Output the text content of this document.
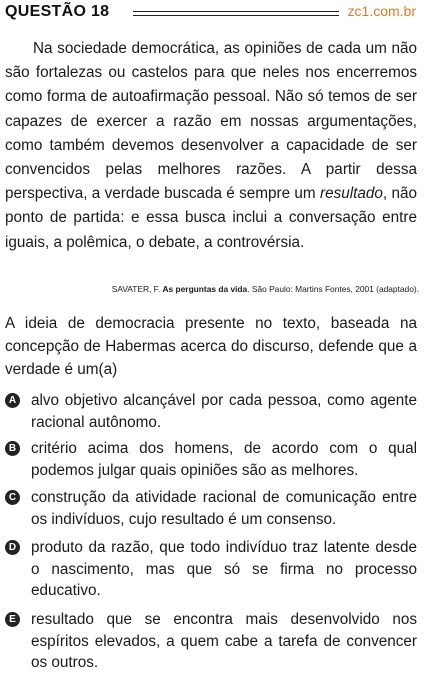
QUESTÃO 18	zc1.com.br

Na sociedade democrática, as opiniões de cada um não são fortalezas ou castelos para que neles nos encerremos como forma de autoafirmação pessoal. Não só temos de ser capazes de exercer a razão em nossas argumentações, como também devemos desenvolver a capacidade de ser convencidos pelas melhores razões. A partir dessa perspectiva, a verdade buscada é sempre um resultado, não ponto de partida: e essa busca inclui a conversação entre iguais, a polêmica, o debate, a controvérsia.

SAVATER, F. As perguntas da vida. São Paulo: Martins Fontes, 2001 (adaptado).

A ideia de democracia presente no texto, baseada na concepção de Habermas acerca do discurso, defende que a verdade é um(a)

A alvo objetivo alcançável por cada pessoa, como agente racional autônomo.
B critério acima dos homens, de acordo com o qual podemos julgar quais opiniões são as melhores.
C construção da atividade racional de comunicação entre os indivíduos, cujo resultado é um consenso.
D produto da razão, que todo indivíduo traz latente desde o nascimento, mas que só se firma no processo educativo.
E resultado que se encontra mais desenvolvido nos espíritos elevados, a quem cabe a tarefa de convencer os outros.
